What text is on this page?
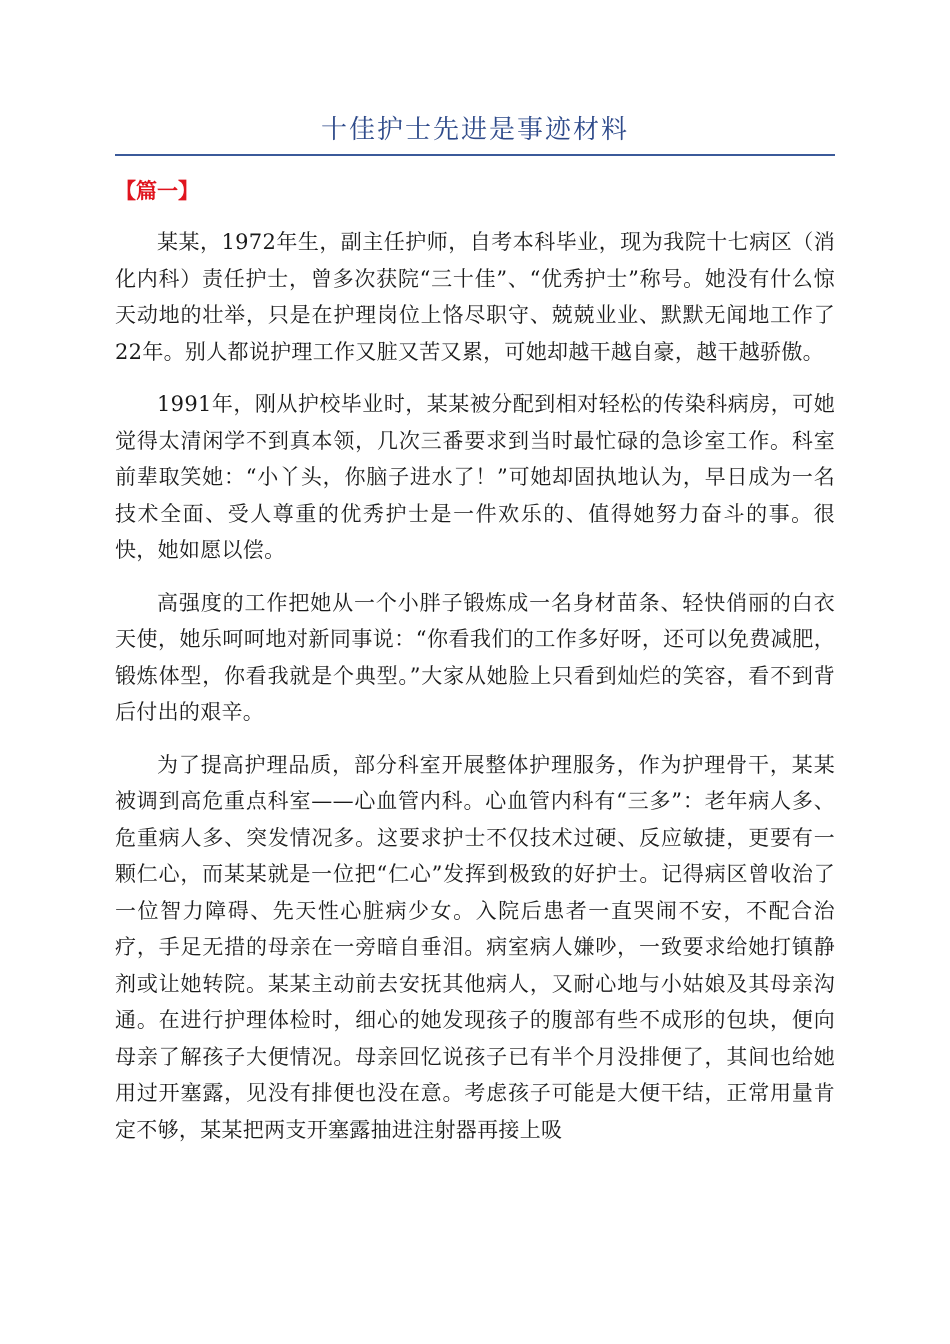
十佳护士先进是事迹材料
【篇一】

某某，1972年生，副主任护师，自考本科毕业，现为我院十七病区（消化内科）责任护士，曾多次获院“三十佳”、“优秀护士”称号。她没有什么惊天动地的壮举，只是在护理岗位上恪尽职守、兢兢业业、默默无闻地工作了22年。别人都说护理工作又脏又苦又累，可她却越干越自豪，越干越骄傲。

1991年，刚从护校毕业时，某某被分配到相对轻松的传染科病房，可她觉得太清闲学不到真本领，几次三番要求到当时最忙碌的急诊室工作。科室前辈取笑她：“小丫头，你脑子进水了！”可她却固执地认为，早日成为一名技术全面、受人尊重的优秀护士是一件欢乐的、值得她努力奋斗的事。很快，她如愿以偿。

高强度的工作把她从一个小胖子锻炼成一名身材苗条、轻快俏丽的白衣天使，她乐呵呵地对新同事说：“你看我们的工作多好呀，还可以免费减肥，锻炼体型，你看我就是个典型。”大家从她脸上只看到灿烂的笑容，看不到背后付出的艰辛。

为了提高护理品质，部分科室开展整体护理服务，作为护理骨干，某某被调到高危重点科室——心血管内科。心血管内科有“三多”：老年病人多、危重病人多、突发情况多。这要求护士不仅技术过硬、反应敏捷，更要有一颗仁心，而某某就是一位把“仁心”发挥到极致的好护士。记得病区曾收治了一位智力障碍、先天性心脏病少女。入院后患者一直哭闹不安，不配合治疗，手足无措的母亲在一旁暗自垂泪。病室病人嫌吵，一致要求给她打镇静剂或让她转院。某某主动前去安抚其他病人，又耐心地与小姑娘及其母亲沟通。在进行护理体检时，细心的她发现孩子的腹部有些不成形的包块，便向母亲了解孩子大便情况。母亲回忆说孩子已有半个月没排便了，其间也给她用过开塞露，见没有排便也没在意。考虑孩子可能是大便干结，正常用量肯定不够，某某把两支开塞露抽进注射器再接上吸
